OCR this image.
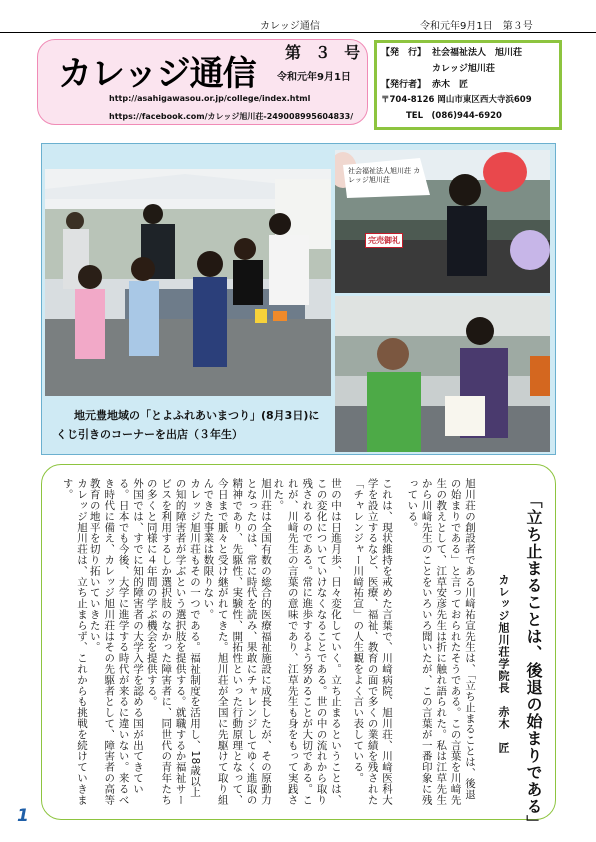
カレッジ通信	令和元年9月1日　第３号
カレッジ通信
第 ３ 号
令和元年9月1日
http://asahigawasou.or.jp/college/index.html
https://facebook.com/カレッジ旭川荘-249008995604833/
【発　行】 社会福祉法人　旭川荘
カレッジ旭川荘
【発行者】 赤木　匠
〒704-8126 岡山市東区西大寺浜609
TEL　(086)944-6920
社会福祉法人旭川荘 カレッジ旭川荘
完売御礼
地元豊地域の「とよふれあいまつり」(8月3日)に
くじ引きのコーナーを出店（３年生）
「立ち止まることは、後退の始まりである」
カレッジ旭川荘学院長　赤木　匠
旭川荘の創設者である川﨑祐宣先生は、「立ち止まることは、後退の始まりである」と言っておられたそうである。この言葉を川﨑先生の教えとして、江草安彦先生は折に触れ語られた。私は江草先生から川﨑先生のことをいろいろ聞いたが、この言葉が一番印象に残っている。
これは、現状維持を戒めた言葉で、川﨑病院、旭川荘、川﨑医科大学を設立するなど、医療、福祉、教育の面で多くの業績を残された「チャレンジャー川﨑祐宣」の人生観をよく言い表している。
世の中は日進月歩、日々変化していく。立ち止まるということは、この変化についていけなくなることである。世の中の流れから取り残されるのである。常に進歩するよう努めることが大切である。これが、川﨑先生の言葉の意味であり、江草先生も身をもって実践された。
旭川荘は全国有数の総合的医療福祉施設に成長したが、その原動力となったのは、常に時代を読み、果敢にチャレンジしてゆく進取の精神であり、先駆性、実験性、開拓性といった行動原理となって、今日まで脈々と受け継がれてきた。旭川荘が全国に先駆けて取り組んできた事業は数限りない。
カレッジ旭川荘もその一つである。福祉制度を活用し、18歳以上の知的障害者が学ぶという選択肢を提供する。就職するか福祉サービスを利用するしか選択肢のなかった障害者に、同世代の青年たちの多くと同様に４年間の学ぶ機会を提供する。
外国では、すでに知的障害者の大学入学を認める国が出てきている。日本でも今後、大学に進学する時代が来るに違いない。来るべき時代に備え、カレッジ旭川荘はその先駆者として、障害者の高等教育の地平を切り拓いていきたい。
カレッジ旭川荘は、立ち止まらず、これからも挑戦を続けていきます。
1
